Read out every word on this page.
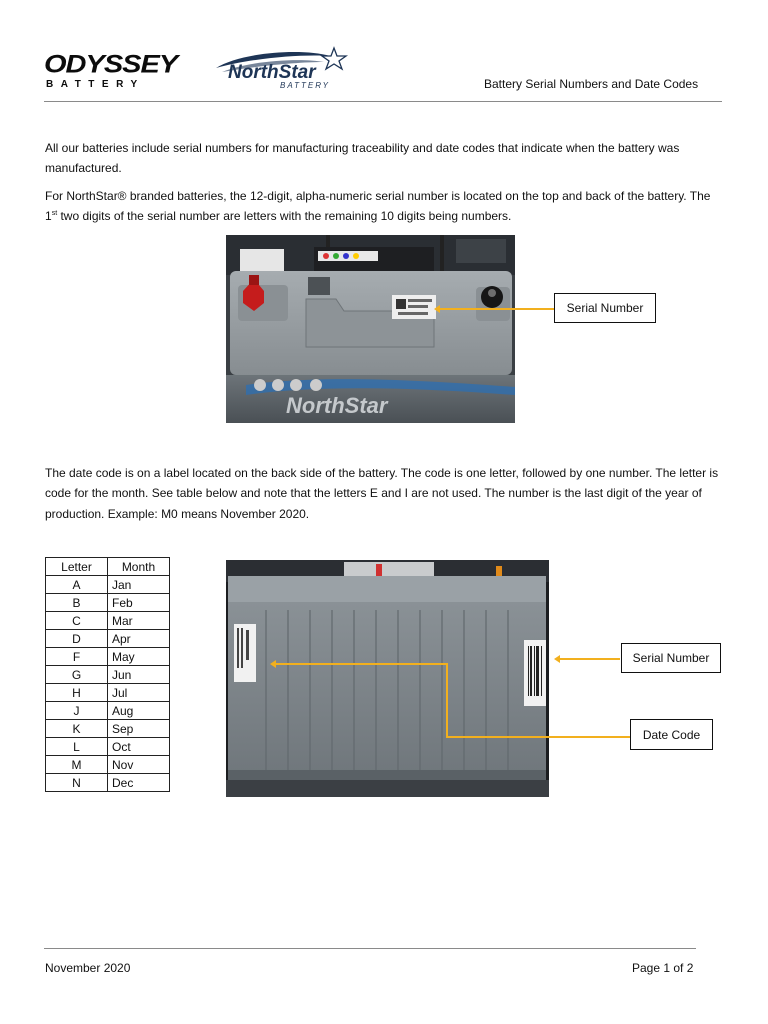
ODYSSEY
BATTERY
NorthStar
BATTERY	Battery Serial Numbers and Date Codes

All our batteries include serial numbers for manufacturing traceability and date codes that indicate when the battery was manufactured.

For NorthStar® branded batteries, the 12-digit, alpha-numeric serial number is located on the top and back of the battery. The 1st two digits of the serial number are letters with the remaining 10 digits being numbers.

NorthStar
Serial Number

The date code is on a label located on the back side of the battery. The code is one letter, followed by one number. The letter is code for the month. See table below and note that the letters E and I are not used. The number is the last digit of the year of production. Example: M0 means November 2020.

Letter	Month
A	Jan
B	Feb
C	Mar
D	Apr
F	May
G	Jun
H	Jul
J	Aug
K	Sep
L	Oct
M	Nov
N	Dec
Serial Number
Date Code
November 2020	Page 1 of 2
